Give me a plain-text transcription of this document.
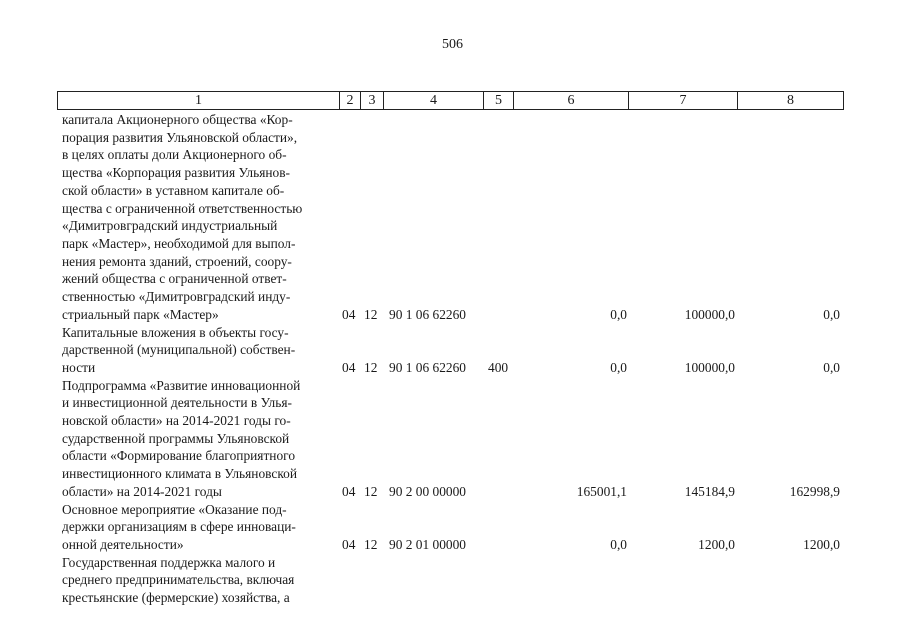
506
1	2	3	4	5	6	7	8
капитала Акционерного общества «Кор-
порация развития Ульяновской области»,
в целях оплаты доли Акционерного об-
щества «Корпорация развития Ульянов-
ской области» в уставном капитале об-
щества с ограниченной ответственностью
«Димитровградский индустриальный
парк «Мастер», необходимой для выпол-
нения ремонта зданий, строений, соору-
жений общества с ограниченной ответ-
ственностью «Димитровградский инду-
стриальный парк «Мастер»	04 12 90 1 06 62260	0,0	100000,0	0,0
Капитальные вложения в объекты госу-
дарственной (муниципальной) собствен-
ности	04 12 90 1 06 62260 400	0,0	100000,0	0,0
Подпрограмма «Развитие инновационной
и инвестиционной деятельности в Улья-
новской области» на 2014-2021 годы го-
сударственной программы Ульяновской
области «Формирование благоприятного
инвестиционного климата в Ульяновской
области» на 2014-2021 годы	04 12 90 2 00 00000	165001,1	145184,9	162998,9
Основное мероприятие «Оказание под-
держки организациям в сфере инноваци-
онной деятельности»	04 12 90 2 01 00000	0,0	1200,0	1200,0
Государственная поддержка малого и
среднего предпринимательства, включая
крестьянские (фермерские) хозяйства, а
